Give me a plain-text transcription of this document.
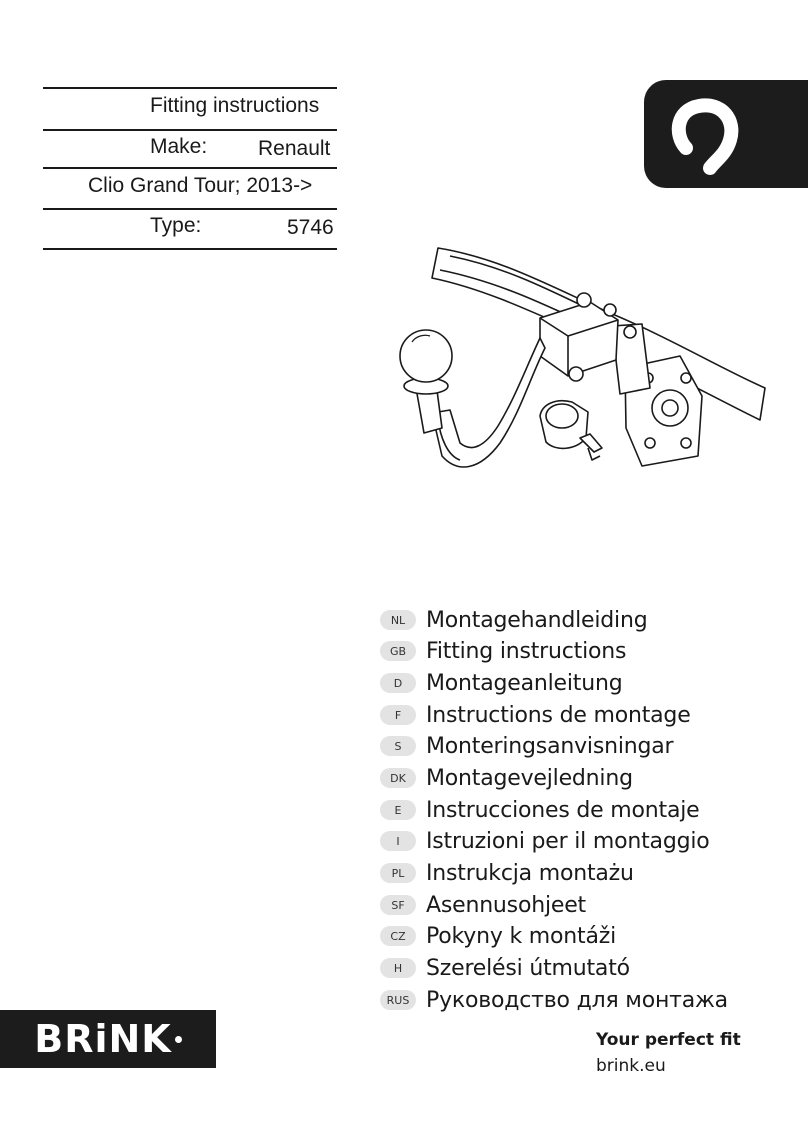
Fitting instructions
Make: Renault
Clio Grand Tour; 2013->
Type:	5746
NL Montagehandleiding
GB Fitting instructions
D	Montageanleitung
F	Instructions de montage
S	Monteringsanvisningar
DK Montagevejledning
E	Instrucciones de montaje
I	Istruzioni per il montaggio
PL Instrukcja montażu
SF Asennusohjeet
CZ Pokyny k montáži
H	Szerelési útmutató
RUS Руководство для монтажа
BRiNK	Your perfect fit
brink.eu
